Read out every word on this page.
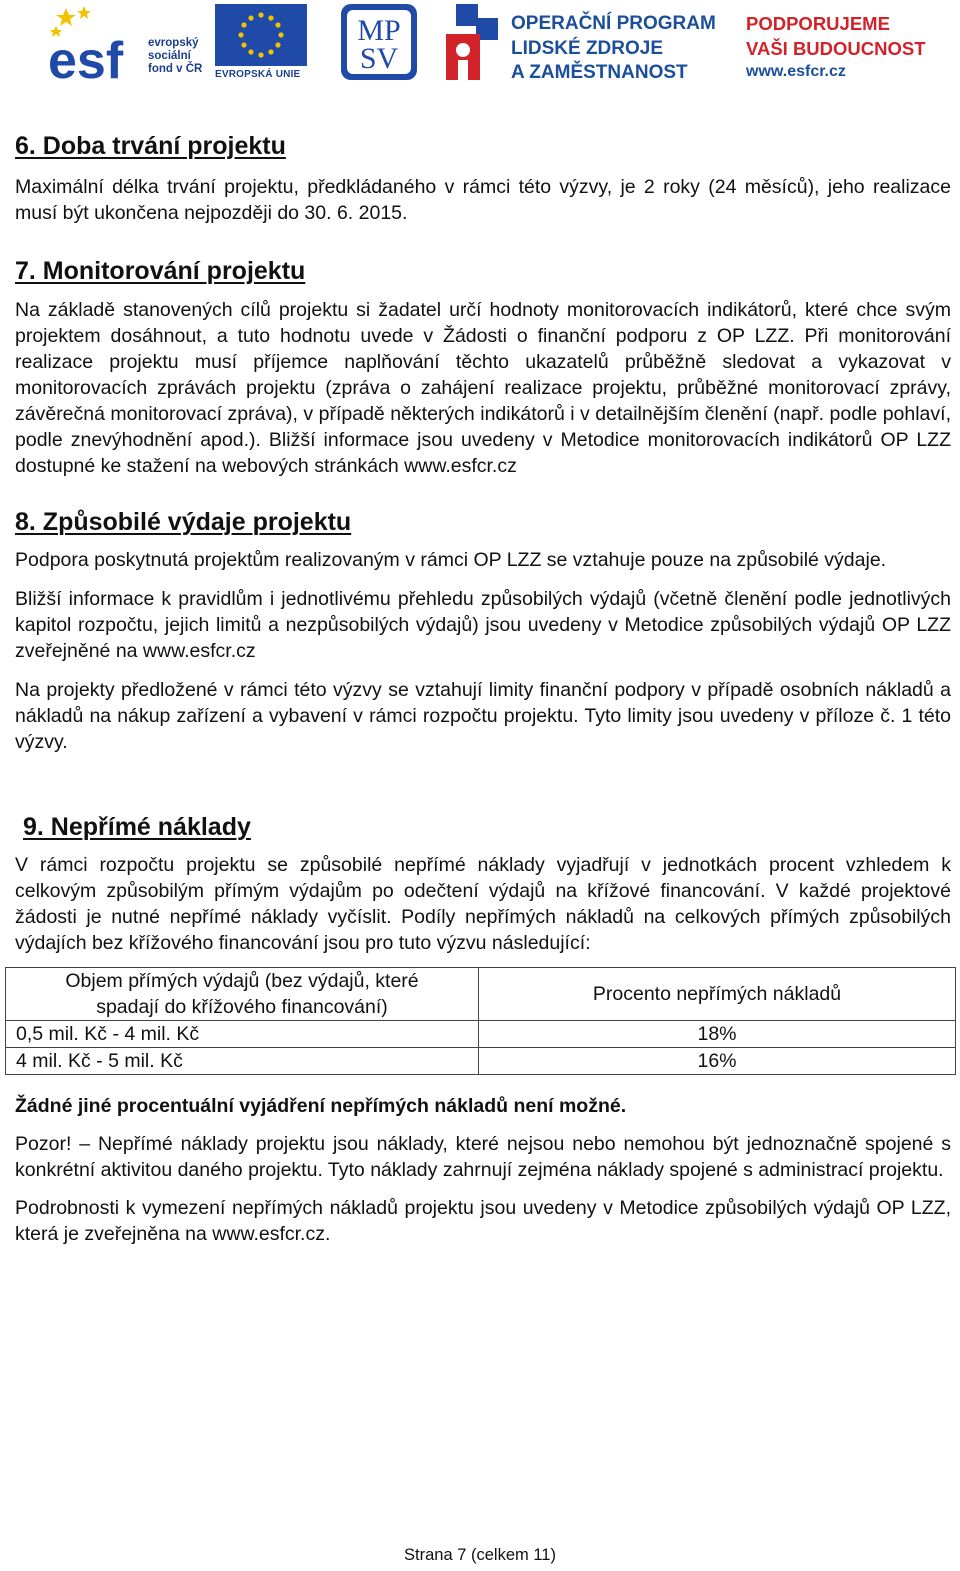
esf evropský
sociální
fond v ČR EVROPSKÁ UNIE
MP
SV
OPERAČNÍ PROGRAM
LIDSKÉ ZDROJE
A ZAMĚSTNANOST
PODPORUJEME
VAŠI BUDOUCNOST
www.esfcr.cz
6. Doba trvání projektu

Maximální délka trvání projektu, předkládaného v rámci této výzvy, je 2 roky (24 měsíců), jeho realizace musí být ukončena nejpozději do 30. 6. 2015.

7. Monitorování projektu

Na základě stanovených cílů projektu si žadatel určí hodnoty monitorovacích indikátorů, které chce svým projektem dosáhnout, a tuto hodnotu uvede v Žádosti o finanční podporu z OP LZZ. Při monitorování realizace projektu musí příjemce naplňování těchto ukazatelů průběžně sledovat a vykazovat v monitorovacích zprávách projektu (zpráva o zahájení realizace projektu, průběžné monitorovací zprávy, závěrečná monitorovací zpráva), v případě některých indikátorů i v detailnějším členění (např. podle pohlaví, podle znevýhodnění apod.). Bližší informace jsou uvedeny v Metodice monitorovacích indikátorů OP LZZ dostupné ke stažení na webových stránkách www.esfcr.cz

8. Způsobilé výdaje projektu

Podpora poskytnutá projektům realizovaným v rámci OP LZZ se vztahuje pouze na způsobilé výdaje.

Bližší informace k pravidlům i jednotlivému přehledu způsobilých výdajů (včetně členění podle jednotlivých kapitol rozpočtu, jejich limitů a nezpůsobilých výdajů) jsou uvedeny v Metodice způsobilých výdajů OP LZZ zveřejněné na www.esfcr.cz

Na projekty předložené v rámci této výzvy se vztahují limity finanční podpory v případě osobních nákladů a nákladů na nákup zařízení a vybavení v rámci rozpočtu projektu. Tyto limity jsou uvedeny v příloze č. 1 této výzvy.

9. Nepřímé náklady

V rámci rozpočtu projektu se způsobilé nepřímé náklady vyjadřují v jednotkách procent vzhledem k celkovým způsobilým přímým výdajům po odečtení výdajů na křížové financování. V každé projektové žádosti je nutné nepřímé náklady vyčíslit. Podíly nepřímých nákladů na celkových přímých způsobilých výdajích bez křížového financování jsou pro tuto výzvu následující:

Objem přímých výdajů (bez výdajů, které
spadají do křížového financování)	Procento nepřímých nákladů
0,5 mil. Kč - 4 mil. Kč	18%
4 mil. Kč - 5 mil. Kč	16%

Žádné jiné procentuální vyjádření nepřímých nákladů není možné.

Pozor! – Nepřímé náklady projektu jsou náklady, které nejsou nebo nemohou být jednoznačně spojené s konkrétní aktivitou daného projektu. Tyto náklady zahrnují zejména náklady spojené s administrací projektu.

Podrobnosti k vymezení nepřímých nákladů projektu jsou uvedeny v Metodice způsobilých výdajů OP LZZ, která je zveřejněna na www.esfcr.cz.

Strana 7 (celkem 11)
